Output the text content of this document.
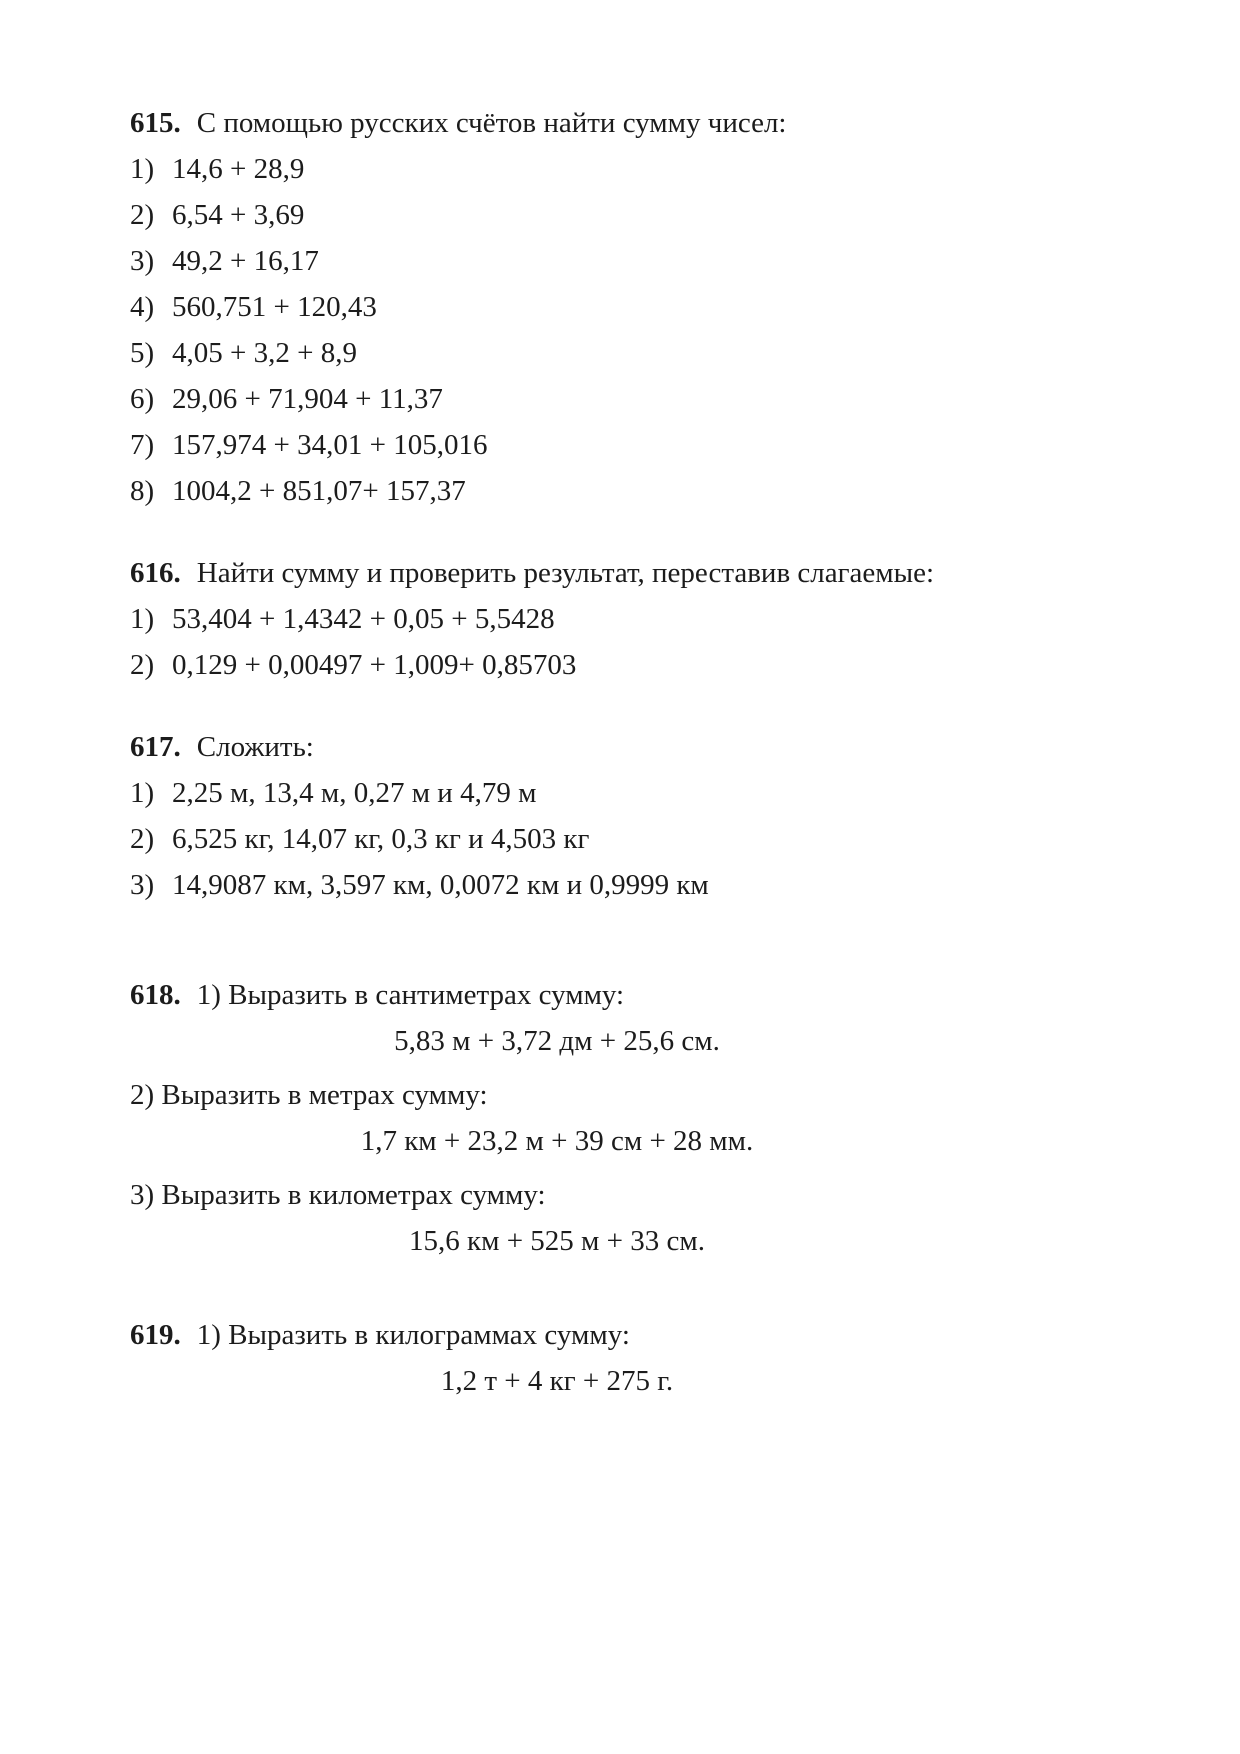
615. С помощью русских счётов найти сумму чисел:

1) 14,6 + 28,9

2) 6,54 + 3,69

3) 49,2 + 16,17

4) 560,751 + 120,43

5) 4,05 + 3,2 + 8,9

6) 29,06 + 71,904 + 11,37

7) 157,974 + 34,01 + 105,016

8) 1004,2 + 851,07+ 157,37

616. Найти сумму и проверить результат, переставив слагаемые:

1) 53,404 + 1,4342 + 0,05 + 5,5428

2) 0,129 + 0,00497 + 1,009+ 0,85703

617. Сложить:

1) 2,25 м, 13,4 м, 0,27 м и 4,79 м

2) 6,525 кг, 14,07 кг, 0,3 кг и 4,503 кг

3) 14,9087 км, 3,597 км, 0,0072 км и 0,9999 км

618. 1) Выразить в сантиметрах сумму:

5,83 м + 3,72 дм + 25,6 см.

2) Выразить в метрах сумму:

1,7 км + 23,2 м + 39 см + 28 мм.

3) Выразить в километрах сумму:

15,6 км + 525 м + 33 см.

619. 1) Выразить в килограммах сумму:

1,2 т + 4 кг + 275 г.
